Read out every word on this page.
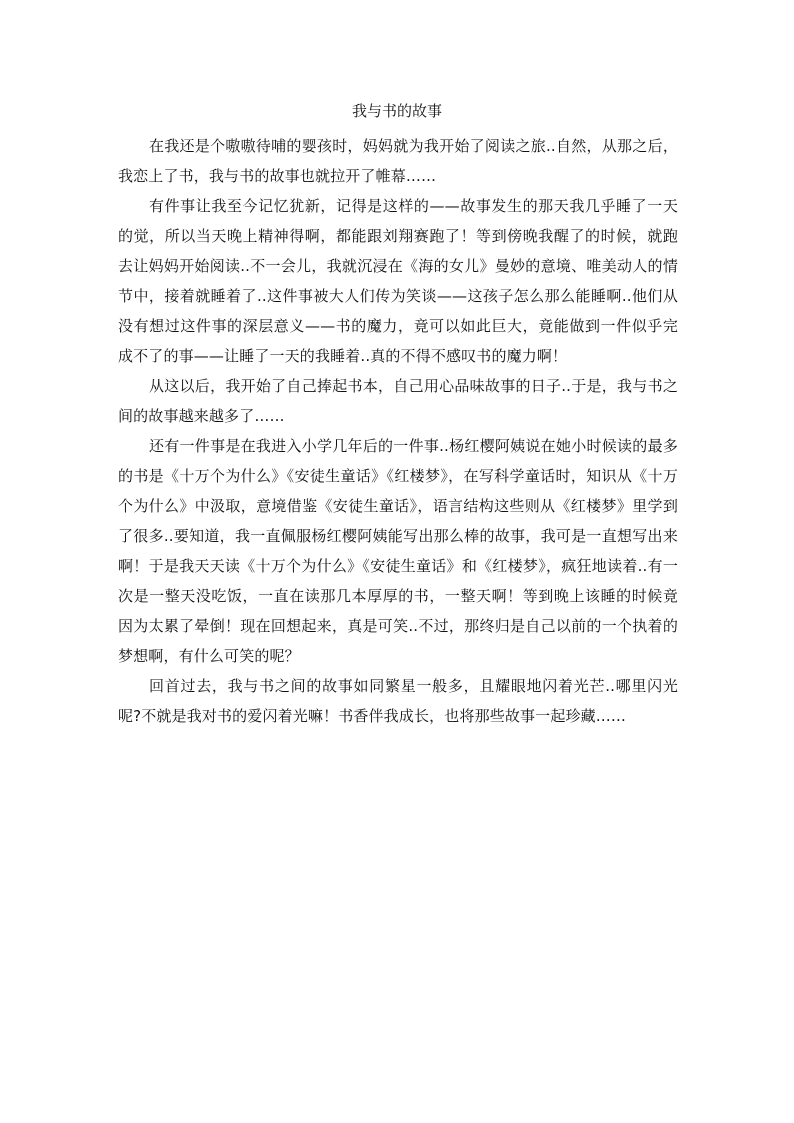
我与书的故事

在我还是个嗷嗷待哺的婴孩时，妈妈就为我开始了阅读之旅..自然，从那之后，我恋上了书，我与书的故事也就拉开了帷幕……

有件事让我至今记忆犹新，记得是这样的——故事发生的那天我几乎睡了一天的觉，所以当天晚上精神得啊，都能跟刘翔赛跑了！等到傍晚我醒了的时候，就跑去让妈妈开始阅读..不一会儿，我就沉浸在《海的女儿》曼妙的意境、唯美动人的情节中，接着就睡着了..这件事被大人们传为笑谈——这孩子怎么那么能睡啊..他们从没有想过这件事的深层意义——书的魔力，竟可以如此巨大，竟能做到一件似乎完成不了的事——让睡了一天的我睡着..真的不得不感叹书的魔力啊！

从这以后，我开始了自己捧起书本，自己用心品味故事的日子..于是，我与书之间的故事越来越多了……

还有一件事是在我进入小学几年后的一件事..杨红樱阿姨说在她小时候读的最多的书是《十万个为什么》《安徒生童话》《红楼梦》，在写科学童话时，知识从《十万个为什么》中汲取，意境借鉴《安徒生童话》，语言结构这些则从《红楼梦》里学到了很多..要知道，我一直佩服杨红樱阿姨能写出那么棒的故事，我可是一直想写出来啊！于是我天天读《十万个为什么》《安徒生童话》和《红楼梦》，疯狂地读着..有一次是一整天没吃饭，一直在读那几本厚厚的书，一整天啊！等到晚上该睡的时候竟因为太累了晕倒！现在回想起来，真是可笑..不过，那终归是自己以前的一个执着的梦想啊，有什么可笑的呢？

回首过去，我与书之间的故事如同繁星一般多，且耀眼地闪着光芒..哪里闪光呢?不就是我对书的爱闪着光嘛！书香伴我成长，也将那些故事一起珍藏……
